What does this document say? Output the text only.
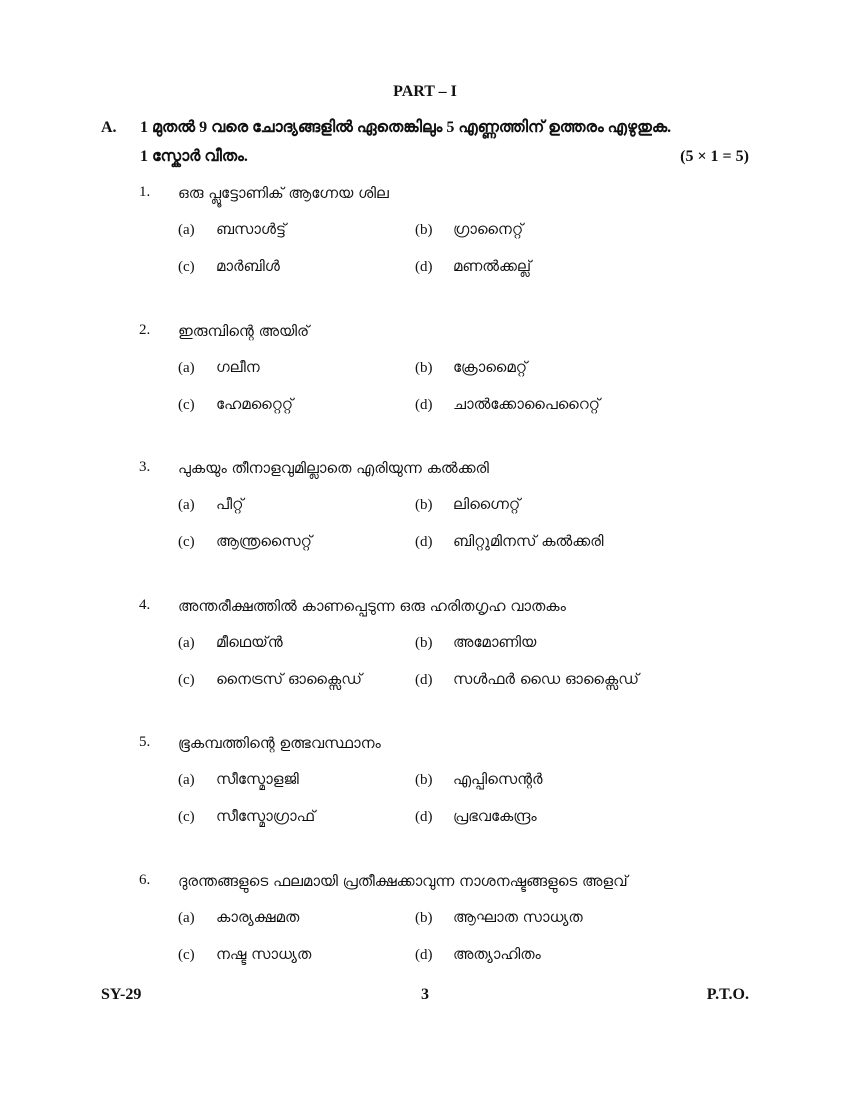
PART – I
A. 1 മുതൽ 9 വരെ ചോദ്യങ്ങളിൽ ഏതെങ്കിലും 5 എണ്ണത്തിന് ഉത്തരം എഴുതുക.
1 സ്കോർ വീതം.	(5 × 1 = 5)
1. ഒരു പ്ലൂട്ടോണിക് ആഗ്നേയ ശില
(a) ബസാൾട്ട്	(b) ഗ്രാനൈറ്റ്
(c) മാർബിൾ	(d) മണൽക്കല്ല്
2. ഇരുമ്പിന്റെ അയിര്
(a) ഗലീന	(b) ക്രോമൈറ്റ്
(c) ഹേമറ്റൈറ്റ്	(d) ചാൽക്കോപൈറൈറ്റ്
3. പുകയും തീനാളവുമില്ലാതെ എരിയുന്ന കൽക്കരി
(a) പീറ്റ്	(b) ലിഗ്നൈറ്റ്
(c) ആന്ത്രസൈറ്റ്	(d) ബിറ്റുമിനസ് കൽക്കരി
4. അന്തരീക്ഷത്തിൽ കാണപ്പെടുന്ന ഒരു ഹരിതഗൃഹ വാതകം
(a) മീഥെയ്ൻ	(b) അമോണിയ
(c) നൈട്രസ് ഓക്സൈഡ്	(d) സൾഫർ ഡൈ ഓക്സൈഡ്
5. ഭൂകമ്പത്തിന്റെ ഉത്ഭവസ്ഥാനം
(a) സീസ്മോളജി	(b) എപ്പിസെന്റർ
(c) സീസ്മോഗ്രാഫ്	(d) പ്രഭവകേന്ദ്രം
6. ദുരന്തങ്ങളുടെ ഫലമായി പ്രതീക്ഷക്കാവുന്ന നാശനഷ്ടങ്ങളുടെ അളവ്
(a) കാര്യക്ഷമത	(b) ആഘാത സാധ്യത
(c) നഷ്ട സാധ്യത	(d) അത്യാഹിതം
SY-29	3	P.T.O.
